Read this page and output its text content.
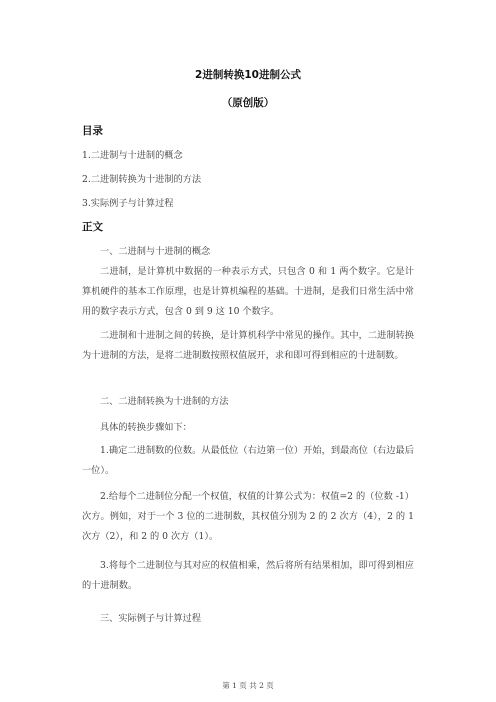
2进制转换10进制公式
（原创版）
目录
1.二进制与十进制的概念
2.二进制转换为十进制的方法
3.实际例子与计算过程
正文
一、二进制与十进制的概念
二进制，是计算机中数据的一种表示方式，只包含 0 和 1 两个数字。它是计算机硬件的基本工作原理，也是计算机编程的基础。十进制，是我们日常生活中常用的数字表示方式，包含 0 到 9 这 10 个数字。
二进制和十进制之间的转换，是计算机科学中常见的操作。其中，二进制转换为十进制的方法，是将二进制数按照权值展开，求和即可得到相应的十进制数。
二、二进制转换为十进制的方法
具体的转换步骤如下：
1.确定二进制数的位数。从最低位（右边第一位）开始，到最高位（右边最后一位）。
2.给每个二进制位分配一个权值，权值的计算公式为：权值=2 的（位数 -1）次方。例如，对于一个 3 位的二进制数，其权值分别为 2 的 2 次方（4），2 的 1 次方（2），和 2 的 0 次方（1）。
3.将每个二进制位与其对应的权值相乘，然后将所有结果相加，即可得到相应的十进制数。
三、实际例子与计算过程
第 1 页 共 2 页
